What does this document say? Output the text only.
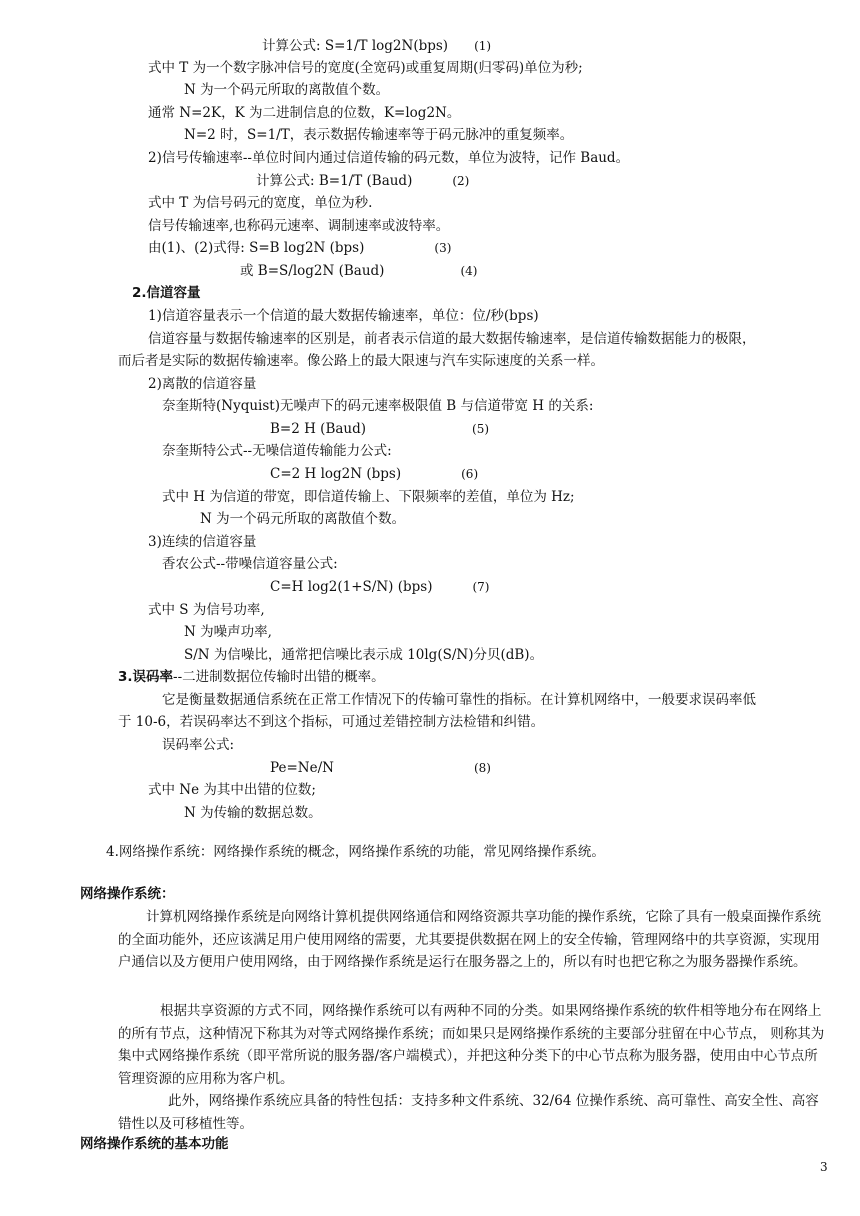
计算公式: S=1/T log2N(bps) (1)
式中 T 为一个数字脉冲信号的宽度(全宽码)或重复周期(归零码)单位为秒;
N 为一个码元所取的离散值个数。
通常 N=2K，K 为二进制信息的位数，K=log2N。
N=2 时，S=1/T，表示数据传输速率等于码元脉冲的重复频率。
2)信号传输速率--单位时间内通过信道传输的码元数，单位为波特，记作 Baud。
计算公式: B=1/T (Baud)	(2)
式中 T 为信号码元的宽度，单位为秒.
信号传输速率,也称码元速率、调制速率或波特率。
由(1)、(2)式得: S=B log2N (bps)	(3)
或 B=S/log2N (Baud)	(4)
2.信道容量
1)信道容量表示一个信道的最大数据传输速率，单位：位/秒(bps)
信道容量与数据传输速率的区别是，前者表示信道的最大数据传输速率，是信道传输数据能力的极限，
而后者是实际的数据传输速率。像公路上的最大限速与汽车实际速度的关系一样。
2)离散的信道容量
奈奎斯特(Nyquist)无噪声下的码元速率极限值 B 与信道带宽 H 的关系:
B=2 H (Baud)	(5)
奈奎斯特公式--无噪信道传输能力公式:
C=2 H log2N (bps)	(6)
式中 H 为信道的带宽，即信道传输上、下限频率的差值，单位为 Hz;
N 为一个码元所取的离散值个数。
3)连续的信道容量
香农公式--带噪信道容量公式:
C=H log2(1+S/N) (bps)	(7)
式中 S 为信号功率,
N 为噪声功率,
S/N 为信噪比，通常把信噪比表示成 10lg(S/N)分贝(dB)。
3.误码率--二进制数据位传输时出错的概率。
它是衡量数据通信系统在正常工作情况下的传输可靠性的指标。在计算机网络中，一般要求误码率低
于 10-6，若误码率达不到这个指标，可通过差错控制方法检错和纠错。
误码率公式:
Pe=Ne/N	(8)
式中 Ne 为其中出错的位数;
N 为传输的数据总数。
4.网络操作系统：网络操作系统的概念，网络操作系统的功能，常见网络操作系统。
网络操作系统：
计算机网络操作系统是向网络计算机提供网络通信和网络资源共享功能的操作系统，它除了具有一般桌面操作系统的全面功能外，还应该满足用户使用网络的需要，尤其要提供数据在网上的安全传输，管理网络中的共享资源，实现用户通信以及方便用户使用网络，由于网络操作系统是运行在服务器之上的，所以有时也把它称之为服务器操作系统。
根据共享资源的方式不同，网络操作系统可以有两种不同的分类。如果网络操作系统的软件相等地分布在网络上的所有节点，这种情况下称其为对等式网络操作系统；而如果只是网络操作系统的主要部分驻留在中心节点， 则称其为集中式网络操作系统（即平常所说的服务器/客户端模式），并把这种分类下的中心节点称为服务器，使用由中心节点所管理资源的应用称为客户机。
此外，网络操作系统应具备的特性包括：支持多种文件系统、32/64 位操作系统、高可靠性、高安全性、高容错性以及可移植性等。
网络操作系统的基本功能
3
